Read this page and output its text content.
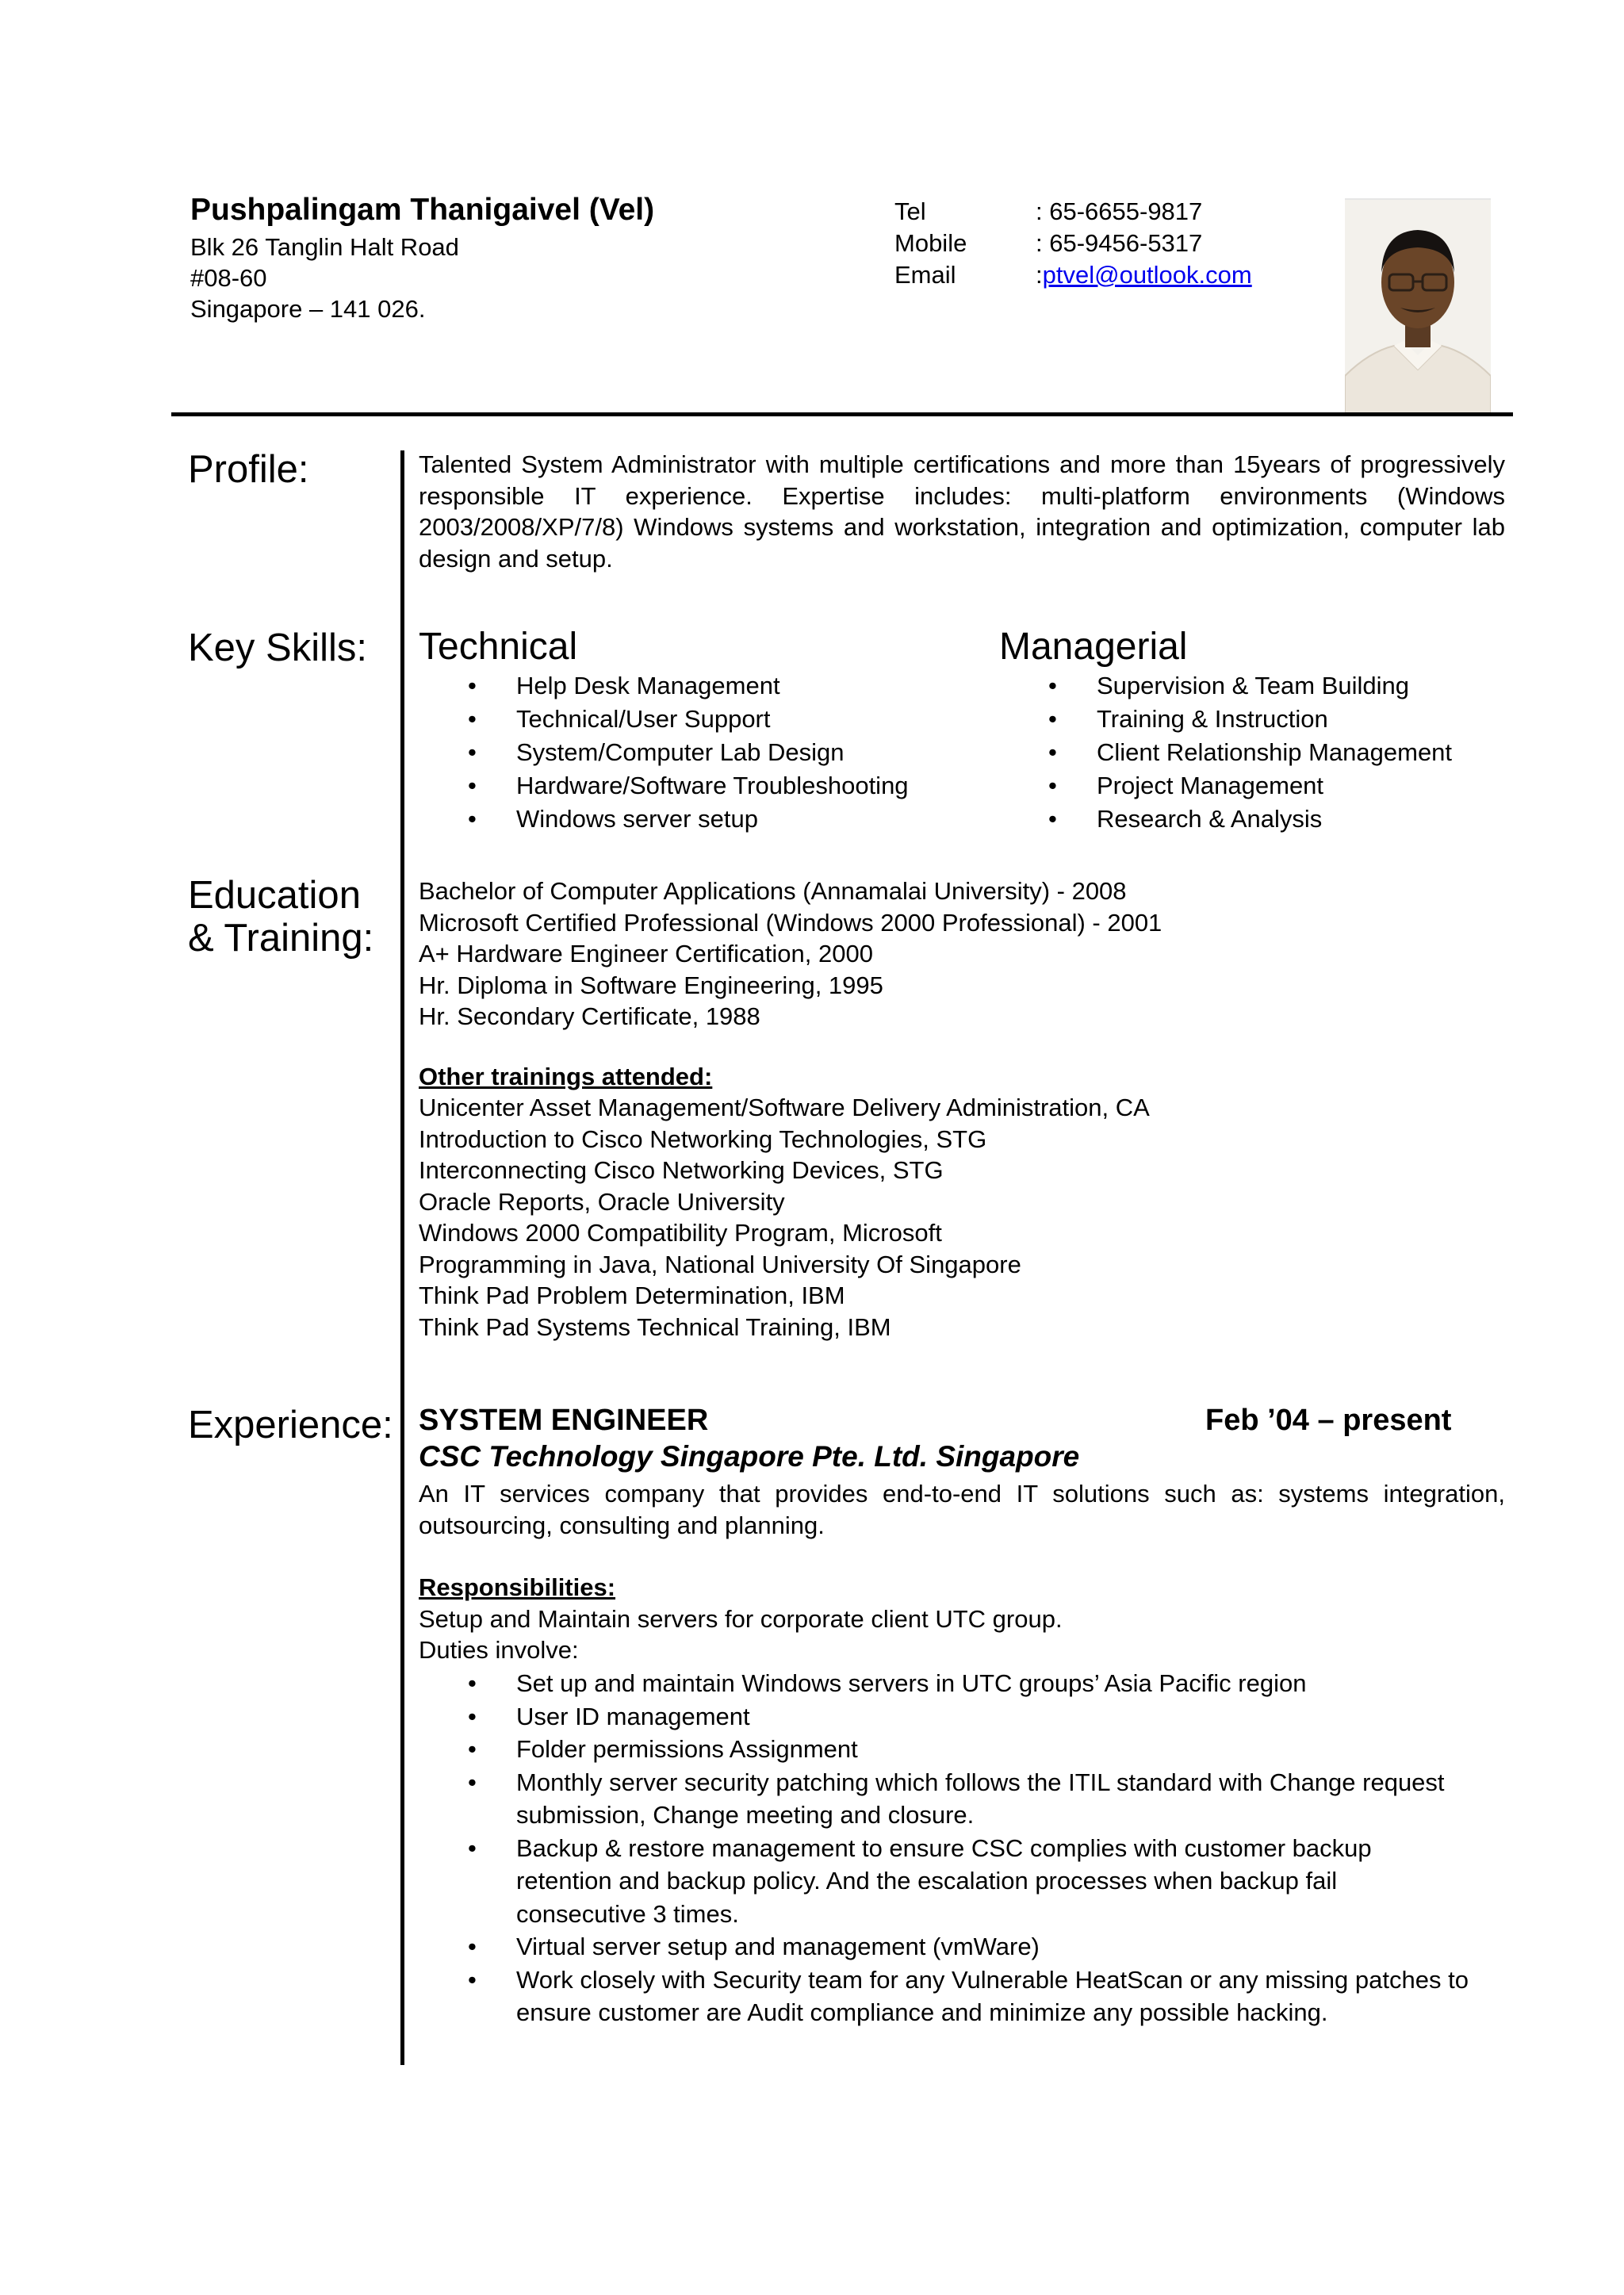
Pushpalingam Thanigaivel (Vel)
Blk 26 Tanglin Halt Road
#08-60
Singapore – 141 026.
Tel	: 65-6655-9817
Mobile	: 65-9456-5317
Email	: ptvel@outlook.com
Profile:	Talented System Administrator with multiple certifications and more than 15years of progressively responsible IT experience. Expertise includes: multi-platform environments (Windows 2003/2008/XP/7/8) Windows systems and workstation, integration and optimization, computer lab design and setup.
Key Skills: Technical
• Help Desk Management
• Technical/User Support
• System/Computer Lab Design
• Hardware/Software Troubleshooting
• Windows server setup
Managerial
• Supervision & Team Building
• Training & Instruction
• Client Relationship Management
• Project Management
• Research & Analysis
Education
& Training:
Bachelor of Computer Applications (Annamalai University) - 2008
Microsoft Certified Professional (Windows 2000 Professional) - 2001
A+ Hardware Engineer Certification, 2000
Hr. Diploma in Software Engineering, 1995
Hr. Secondary Certificate, 1988
Other trainings attended:
Unicenter Asset Management/Software Delivery Administration, CA
Introduction to Cisco Networking Technologies, STG
Interconnecting Cisco Networking Devices, STG
Oracle Reports, Oracle University
Windows 2000 Compatibility Program, Microsoft
Programming in Java, National University Of Singapore
Think Pad Problem Determination, IBM
Think Pad Systems Technical Training, IBM
Experience: SYSTEM ENGINEER	Feb ’04 – present
CSC Technology Singapore Pte. Ltd. Singapore
An IT services company that provides end-to-end IT solutions such as: systems integration, outsourcing, consulting and planning.
Responsibilities:
Setup and Maintain servers for corporate client UTC group.
Duties involve:
• Set up and maintain Windows servers in UTC groups’ Asia Pacific region
• User ID management
• Folder permissions Assignment
• Monthly server security patching which follows the ITIL standard with Change request submission, Change meeting and closure.
• Backup & restore management to ensure CSC complies with customer backup retention and backup policy. And the escalation processes when backup fail consecutive 3 times.
• Virtual server setup and management (vmWare)
• Work closely with Security team for any Vulnerable HeatScan or any missing patches to ensure customer are Audit compliance and minimize any possible hacking.
